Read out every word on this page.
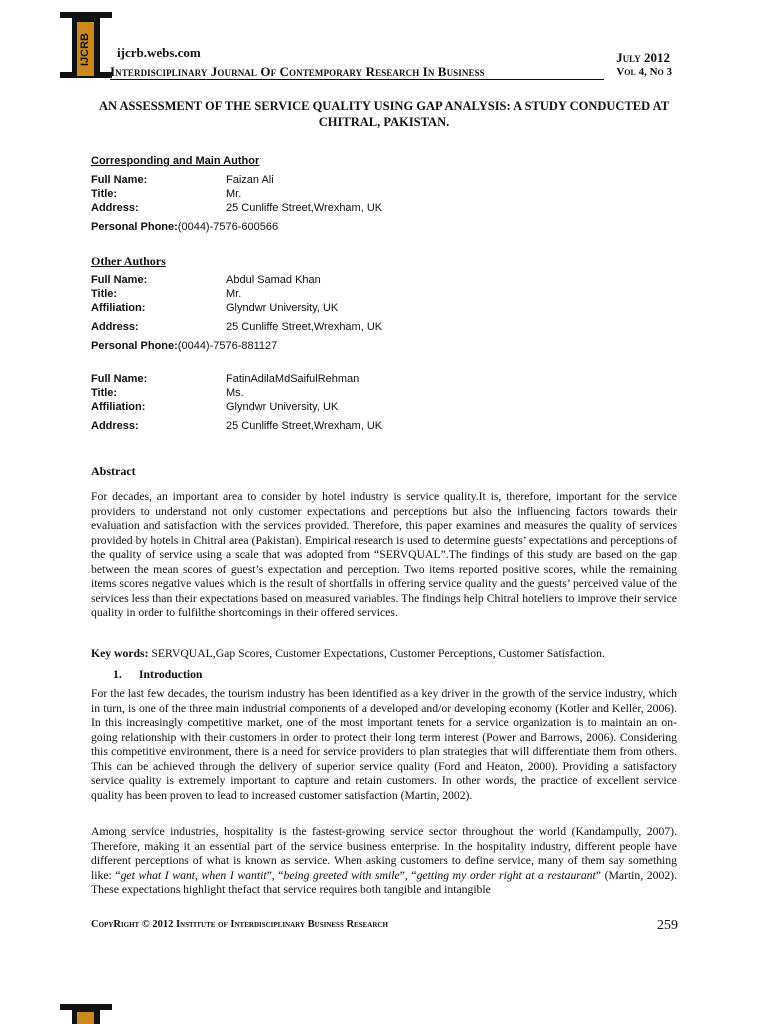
IJCRB ijcrb.webs.com
Interdisciplinary Journal Of Contemporary Research In Business
July 2012
Vol 4, No 3
AN ASSESSMENT OF THE SERVICE QUALITY USING GAP ANALYSIS: A STUDY CONDUCTED AT
CHITRAL, PAKISTAN.
Corresponding and Main Author
Full Name:	Faizan Ali
Title:	Mr.
Address:	25 Cunliffe Street,Wrexham, UK
Personal Phone:(0044)-7576-600566
Other Authors
Full Name:	Abdul Samad Khan
Title:	Mr.
Affiliation:	Glyndwr University, UK
Address:	25 Cunliffe Street,Wrexham, UK
Personal Phone:(0044)-7576-881127
Full Name:	FatinAdilaMdSaifulRehman
Title:	Ms.
Affiliation:	Glyndwr University, UK
Address:	25 Cunliffe Street,Wrexham, UK
Abstract
For decades, an important area to consider by hotel industry is service quality.It is, therefore, important for the service providers to understand not only customer expectations and perceptions but also the influencing factors towards their evaluation and satisfaction with the services provided. Therefore, this paper examines and measures the quality of services provided by hotels in Chitral area (Pakistan). Empirical research is used to determine guests’ expectations and perceptions of the quality of service using a scale that was adopted from “SERVQUAL”.The findings of this study are based on the gap between the mean scores of guest’s expectation and perception. Two items reported positive scores, while the remaining items scores negative values which is the result of shortfalls in offering service quality and the guests’ perceived value of the services less than their expectations based on measured variables. The findings help Chitral hoteliers to improve their service quality in order to fulfilthe shortcomings in their offered services.
Key words: SERVQUAL,Gap Scores, Customer Expectations, Customer Perceptions, Customer Satisfaction.
1. Introduction
For the last few decades, the tourism industry has been identified as a key driver in the growth of the service industry, which in turn, is one of the three main industrial components of a developed and/or developing economy (Kotler and Keller, 2006). In this increasingly competitive market, one of the most important tenets for a service organization is to maintain an on-going relationship with their customers in order to protect their long term interest (Power and Barrows, 2006). Considering this competitive environment, there is a need for service providers to plan strategies that will differentiate them from others. This can be achieved through the delivery of superior service quality (Ford and Heaton, 2000). Providing a satisfactory service quality is extremely important to capture and retain customers. In other words, the practice of excellent service quality has been proven to lead to increased customer satisfaction (Martin, 2002).
Among service industries, hospitality is the fastest-growing service sector throughout the world (Kandampully, 2007). Therefore, making it an essential part of the service business enterprise. In the hospitality industry, different people have different perceptions of what is known as service. When asking customers to define service, many of them say something like: “get what I want, when I wantit”, “being greeted with smile”, “getting my order right at a restaurant” (Martin, 2002). These expectations highlight thefact that service requires both tangible and intangible
CopyRight © 2012 Institute of Interdisciplinary Business Research	259
